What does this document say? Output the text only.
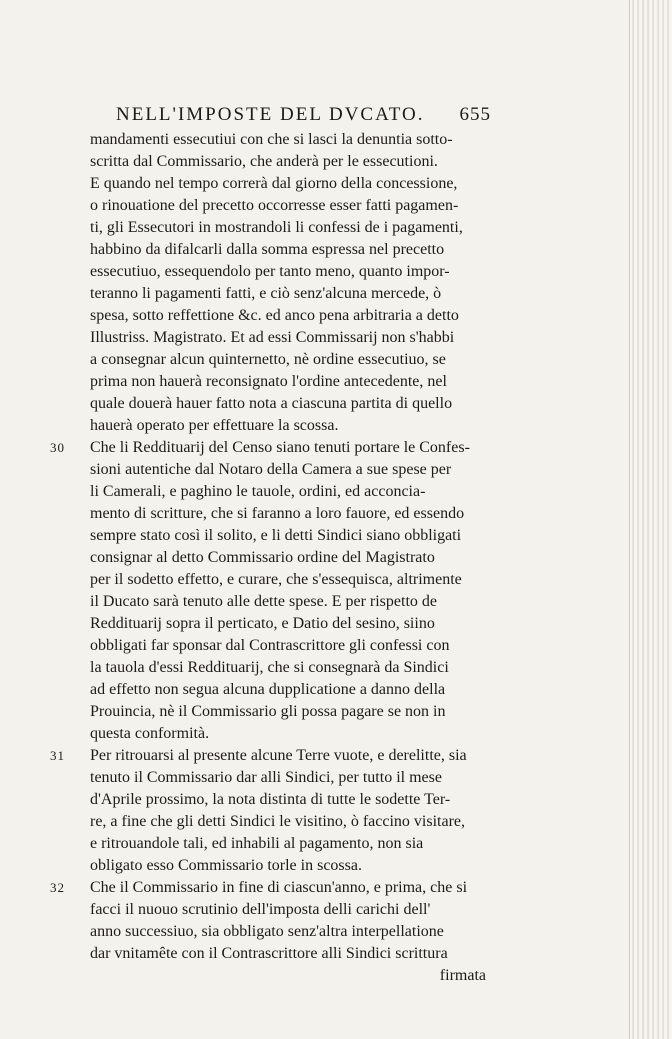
NELL'IMPOSTE DEL DVCATO. 655
mandamenti essecutiui con che si lasci la denuntia sotto-
scritta dal Commissario, che anderà per le essecutioni.
E quando nel tempo correrà dal giorno della concessione,
o rinouatione del precetto occorresse esser fatti pagamen-
ti, gli Essecutori in mostrandoli li confessi de i pagamenti,
habbino da difalcarli dalla somma espressa nel precetto
essecutiuo, essequendolo per tanto meno, quanto impor-
teranno li pagamenti fatti, e ciò senz'alcuna mercede, ò
spesa, sotto reffettione &c. ed anco pena arbitraria a detto
Illustriss. Magistrato. Et ad essi Commissarij non s'habbi
a consegnar alcun quinternetto, nè ordine essecutiuo, se
prima non hauerà reconsignato l'ordine antecedente, nel
quale douerà hauer fatto nota a ciascuna partita di quello
hauerà operato per effettuare la scossa.
30	Che li Reddituarij del Censo siano tenuti portare le Confes-
sioni autentiche dal Notaro della Camera a sue spese per
li Camerali, e paghino le tauole, ordini, ed acconcia-
mento di scritture, che si faranno a loro fauore, ed essendo
sempre stato così il solito, e li detti Sindici siano obbligati
consignar al detto Commissario ordine del Magistrato
per il sodetto effetto, e curare, che s'essequisca, altrimente
il Ducato sarà tenuto alle dette spese. E per rispetto de
Reddituarij sopra il perticato, e Datio del sesino, siino
obbligati far sponsar dal Contrascrittore gli confessi con
la tauola d'essi Reddituarij, che si consegnarà da Sindici
ad effetto non segua alcuna dupplicatione a danno della
Prouincia, nè il Commissario gli possa pagare se non in
questa conformità.
31	Per ritrouarsi al presente alcune Terre vuote, e derelitte, sia
tenuto il Commissario dar alli Sindici, per tutto il mese
d'Aprile prossimo, la nota distinta di tutte le sodette Ter-
re, a fine che gli detti Sindici le visitino, ò faccino visitare,
e ritrouandole tali, ed inhabili al pagamento, non sia
obligato esso Commissario torle in scossa.
32	Che il Commissario in fine di ciascun'anno, e prima, che si
facci il nuouo scrutinio dell'imposta delli carichi dell'
anno successiuo, sia obbligato senz'altra interpellatione
dar vnitamête con il Contrascrittore alli Sindici scrittura
firmata
